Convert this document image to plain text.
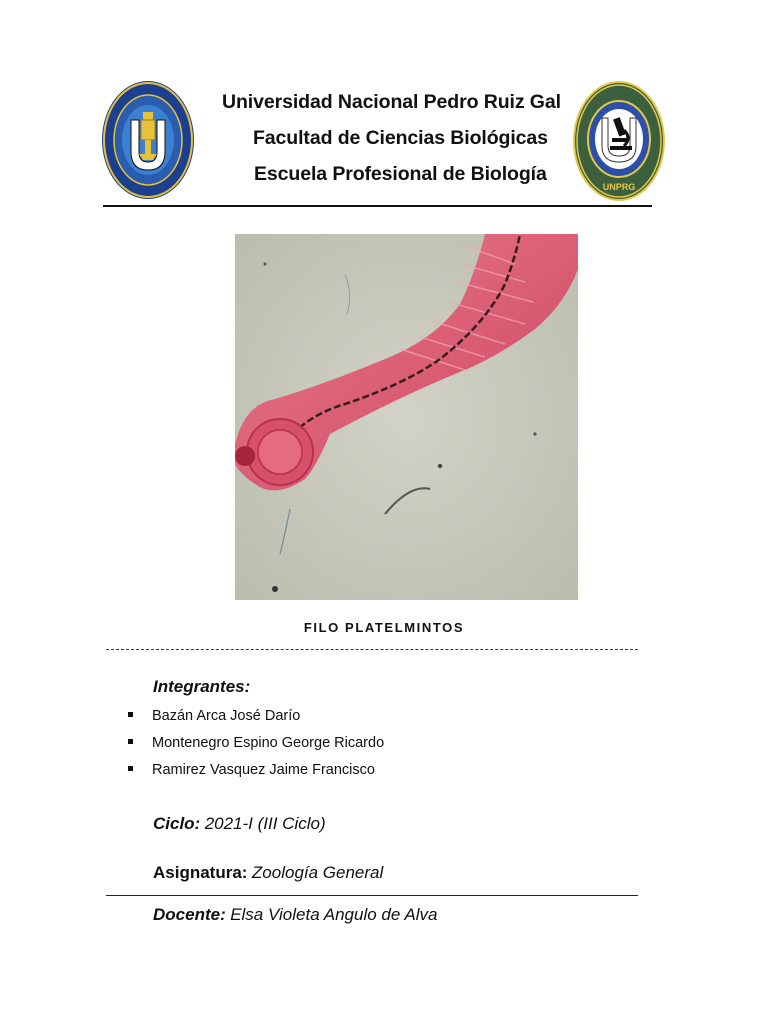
UNPRG
Universidad Nacional Pedro Ruiz Gal
Facultad de Ciencias Biológicas
Escuela Profesional de Biología
FILO PLATELMINTOS
Integrantes:
Bazán Arca José Darío
Montenegro Espino George Ricardo
Ramirez Vasquez Jaime Francisco
Ciclo: 2021-I (III Ciclo)
Asignatura: Zoología General
Docente: Elsa Violeta Angulo de Alva
